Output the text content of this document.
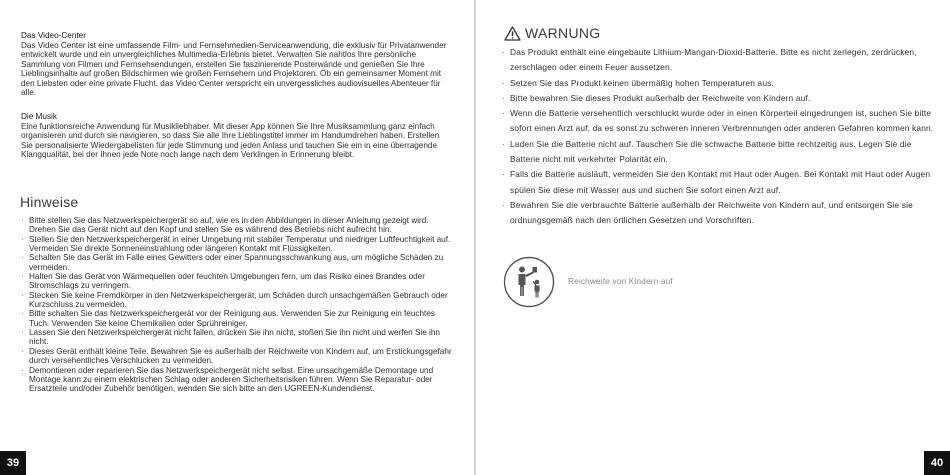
Das Video-Center

Das Video Center ist eine umfassende Film- und Fernsehmedien-Serviceanwendung, die exklusiv für Privatanwender entwickelt wurde und ein unvergleichliches Multimedia-Erlebnis bietet. Verwalten Sie nahtlos Ihre persönliche Sammlung von Filmen und Fernsehsendungen, erstellen Sie faszinierende Posterwände und genießen Sie Ihre Lieblingsinhalte auf großen Bildschirmen wie großen Fernsehern und Projektoren. Ob ein gemeinsamer Moment mit den Liebsten oder eine private Flucht, das Video Center verspricht ein unvergessliches audiovisuelles Abenteuer für alle.

Die Musik

Eine funktionsreiche Anwendung für Musikliebhaber. Mit dieser App können Sie Ihre Musiksammlung ganz einfach organisieren und durch sie navigieren, so dass Sie alle Ihre Lieblingstitel immer im Handumdrehen haben. Erstellen Sie personalisierte Wiedergabelisten für jede Stimmung und jeden Anlass und tauchen Sie ein in eine überragende Klangqualität, bei der Ihnen jede Note noch lange nach dem Verklingen in Erinnerung bleibt.

Hinweise
· Bitte stellen Sie das Netzwerkspeichergerät so auf, wie es in den Abbildungen in dieser Anleitung gezeigt wird. Drehen Sie das Gerät nicht auf den Kopf und stellen Sie es während des Betriebs nicht aufrecht hin.
· Stellen Sie den Netzwerkspeichergerät in einer Umgebung mit stabiler Temperatur und niedriger Luftfeuchtigkeit auf. Vermeiden Sie direkte Sonneneinstrahlung oder längeren Kontakt mit Flüssigkeiten.
· Schalten Sie das Gerät im Falle eines Gewitters oder einer Spannungsschwankung aus, um mögliche Schäden zu vermeiden.
· Halten Sie das Gerät von Wärmequellen oder feuchten Umgebungen fern, um das Risiko eines Brandes oder Stromschlags zu verringern.
· Stecken Sie keine Fremdkörper in den Netzwerkspeichergerät, um Schäden durch unsachgemäßen Gebrauch oder Kurzschluss zu vermeiden.
· Bitte schalten Sie das Netzwerkspeichergerät vor der Reinigung aus. Verwenden Sie zur Reinigung ein feuchtes Tuch. Verwenden Sie keine Chemikalien oder Sprühreiniger.
· Lassen Sie den Netzwerkspeichergerät nicht fallen, drücken Sie ihn nicht, stoßen Sie ihn nicht und werfen Sie ihn nicht.
· Dieses Gerät enthält kleine Teile. Bewahren Sie es außerhalb der Reichweite von Kindern auf, um Erstickungsgefahr durch versehentliches Verschlucken zu vermeiden.
· Demontieren oder reparieren Sie das Netzwerkspeichergerät nicht selbst. Eine unsachgemäße Demontage und Montage kann zu einem elektrischen Schlag oder anderen Sicherheitsrisiken führen. Wenn Sie Reparatur- oder Ersatzteile und/oder Zubehör benötigen, wenden Sie sich bitte an den UGREEN-Kundendienst.
39
WARNUNG
· Das Produkt enthält eine eingebaute Lithium-Mangan-Dioxid-Batterie. Bitte es nicht zerlegen, zerdrücken, zerschlagen oder einem Feuer aussetzen.
· Setzen Sie das Produkt keinen übermäßig hohen Temperaturen aus.
· Bitte bewahren Sie dieses Produkt außerhalb der Reichweite von Kindern auf.
· Wenn die Batterie versehentlich verschluckt wurde oder in einen Körperteil eingedrungen ist, suchen Sie bitte sofort einen Arzt auf, da es sonst zu schweren inneren Verbrennungen oder anderen Gefahren kommen kann.
· Laden Sie die Batterie nicht auf. Tauschen Sie die schwache Batterie bitte rechtzeitig aus. Legen Sie die Batterie nicht mit verkehrter Polarität ein.
· Falls die Batterie ausläuft, vermeiden Sie den Kontakt mit Haut oder Augen. Bei Kontakt mit Haut oder Augen spülen Sie diese mit Wasser aus und suchen Sie sofort einen Arzt auf.
· Bewahren Sie die verbrauchte Batterie außerhalb der Reichweite von Kindern auf, und entsorgen Sie sie ordnungsgemäß nach den örtlichen Gesetzen und Vorschriften.
Reichweite von Kindern auf
40
